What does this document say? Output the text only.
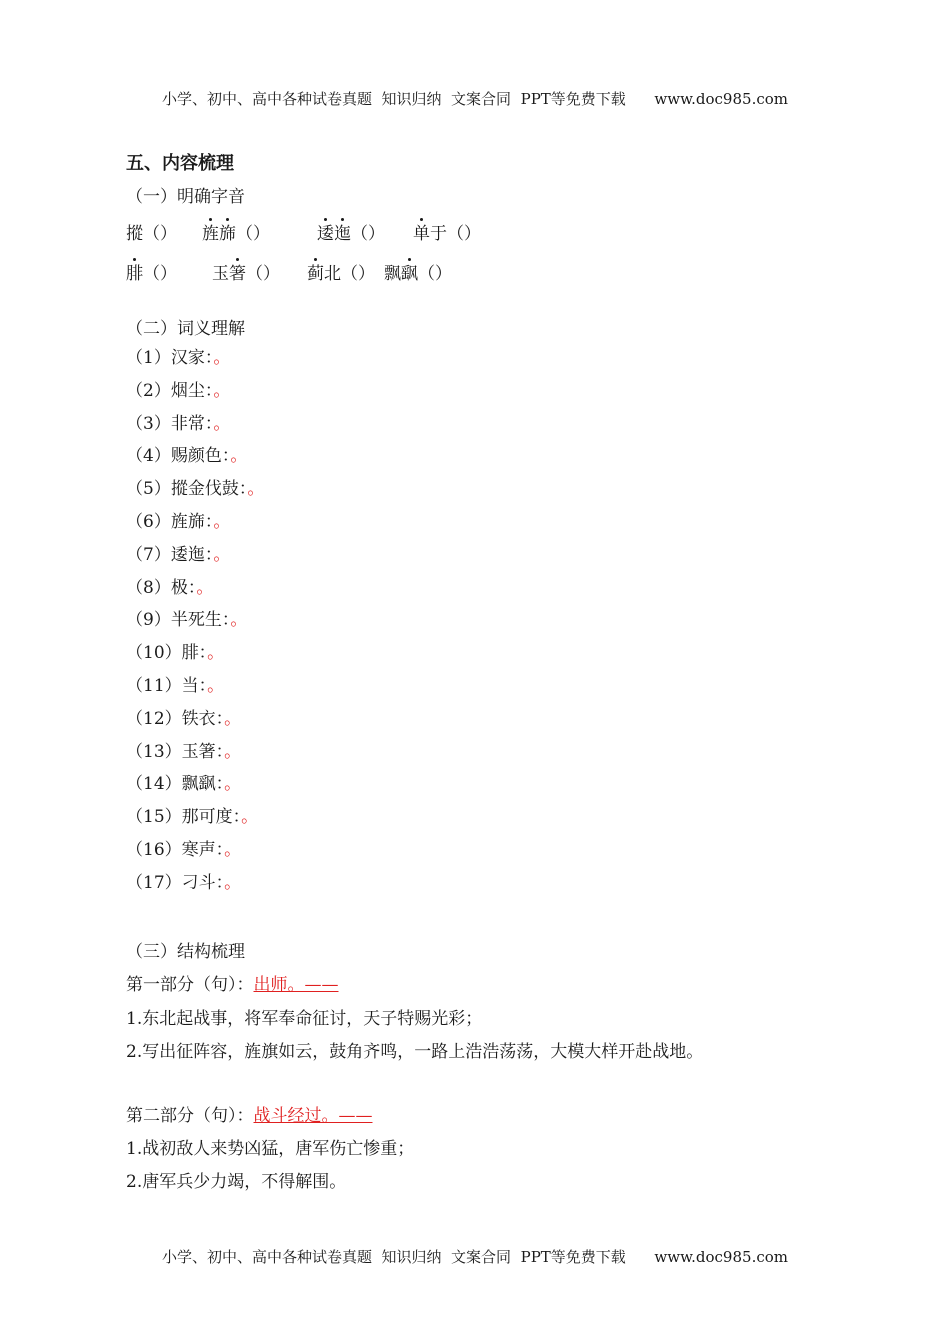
小学、初中、高中各种试卷真题  知识归纳  文案合同  PPT等免费下载      www.doc985.com
五、内容梳理
（一）明确字音
摐（） 旌旆（）	逶迤（） 单于（）
腓（） 玉箸（） 蓟北（） 飘飖（）
（二）词义理解
（1）汉家：。
（2）烟尘：。
（3）非常：。
（4）赐颜色：。
（5）摐金伐鼓：。
（6）旌旆：。
（7）逶迤：。
（8）极：。
（9）半死生：。
（10）腓：。
（11）当：。
（12）铁衣：。
（13）玉箸：。
（14）飘飖：。
（15）那可度：。
（16）寒声：。
（17）刁斗：。
（三）结构梳理
第一部分（句）：出师。——
1.东北起战事，将军奉命征讨，天子特赐光彩；
2.写出征阵容，旌旗如云，鼓角齐鸣，一路上浩浩荡荡，大模大样开赴战地。
第二部分（句）：战斗经过。——
1.战初敌人来势凶猛，唐军伤亡惨重；
2.唐军兵少力竭，不得解围。
小学、初中、高中各种试卷真题  知识归纳  文案合同  PPT等免费下载      www.doc985.com
